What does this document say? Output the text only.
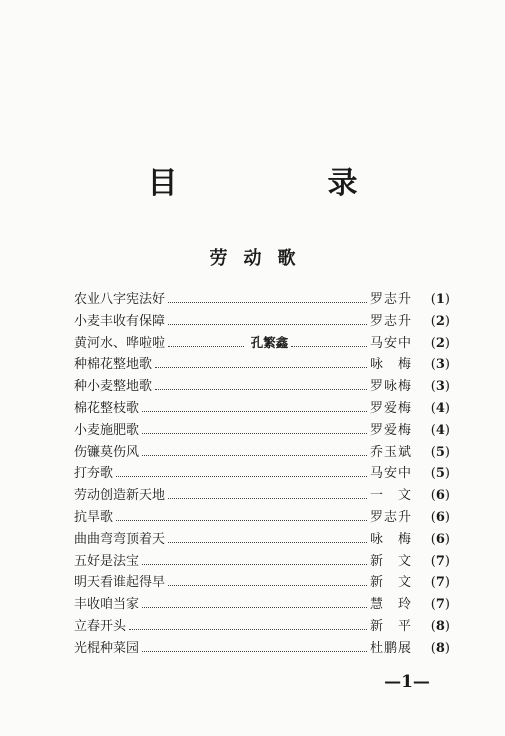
目　录
劳动歌
农业八字宪法好	罗志升	( 1 )
小麦丰收有保障	罗志升	( 2 )
黄河水、哗啦啦	孔繁鑫	马安中	( 2 )
种棉花整地歌	咏　梅	( 3 )
种小麦整地歌	罗咏梅	( 3 )
棉花整枝歌	罗爱梅	( 4 )
小麦施肥歌	罗爱梅	( 4 )
伤镰莫伤风	乔玉斌	( 5 )
打夯歌	马安中	( 5 )
劳动创造新天地	一　文	( 6 )
抗旱歌	罗志升	( 6 )
曲曲弯弯顶着天	咏　梅	( 6 )
五好是法宝	新　文	( 7 )
明天看谁起得早	新　文	( 7 )
丰收咱当家	慧　玲	( 7 )
立春开头	新　平	( 8 )
光棍种菜园	杜鹏展	( 8 )
—1—
